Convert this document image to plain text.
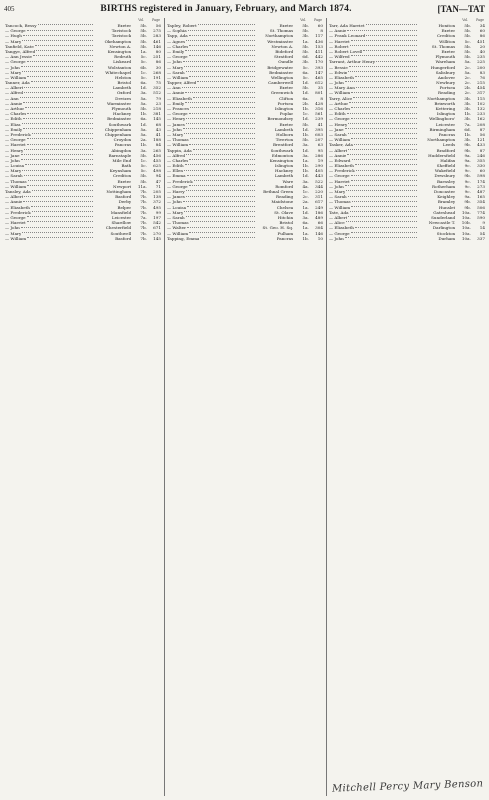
405	BIRTHS registered in January, February, and March 1874.	[TAN—TAT
Vol.	Page
Tancock, Bessy	Exeter	5b.	56
— George	Tavistock	5b.	275
— Hugh	Tavistock	5b.	283
— Mary	Okehampton	5b.	461
Tanfield, Kate	Newton A.	5b.	146
Tangye, Alfred	Kensington	1a.	80
— Ann Jessie	Redruth	5c.	251
— George	Liskeard	5c.	86
— John	Wolstanton	6b.	30
— Mary	Whitechapel	1c.	268
— William	Helston	5c.	191
Tanner, Ada	Bristol	6a.	75
— Albert	Lambeth	1d.	352
— Alfred	Oxford	3a.	512
— Ann	Devizes	5a.	79
— Annie	Warminster	5a.	23
— Arthur	Plymouth	5b.	218
— Charles	Hackney	1b.	381
— Edith	Bedminster	6a.	145
— Eliza	Southwark	1d.	68
— Emily	Chippenham	5a.	43
— Frederick	Chippenham	5a.	41
— George	Croydon	2a.	188
— Harriet	Pancras	1b.	84
— Henry	Abingdon	3a.	265
— Jane	Barnstaple	5b.	456
— John	Mile End	1c.	455
— Louisa	Bath	5c.	625
— Mary	Keynsham	5c.	498
— Sarah	Crediton	5b.	94
— Thomas	Exeter	5b.	47
— William	Newport	11a.	71
Tansley, Ada	Nottingham	7b.	205
— Albert	Basford	7b.	138
— Annie	Derby	7b.	372
— Elizabeth	Belper	7b.	495
— Frederick	Mansfield	7b.	99
— George	Leicester	7a.	197
— Harriet	Shardlow	7b.	542
— John	Chesterfield	7b.	671
— Mary	Southwell	7b.	270
— William	Basford	7b.	145
Vol.	Page
Tapley, Robert	Exeter	5b.	60
— Sophia	St. Thomas	5b.	8
Tapp, Ada	Northampton	3b.	117
— Agnes	Westminster	1a.	436
— Charles	Newton A.	5b.	153
— Emily	Bideford	5b.	411
— George	Stratford	6d.	442
— John	Oundle	3b.	170
— Mary	Bridgewater	5c.	393
— Sarah	Bedminster	6a.	147
— William	Wellington	5c.	465
Tapper, Alfred	Camberwell	1d.	612
— Ann	Exeter	5b.	35
— Annie	Greenwich	1d.	801
— Elizabeth	Clifton	6a.	8
— Emily	Portsea	2b.	428
— Frances	Islington	1b.	316
— George	Poplar	1c.	561
— Henry	Bermondsey	1d.	239
— James	Exeter	5b.	41
— John	Lambeth	1d.	395
— Mary	Holborn	1b.	603
— Thomas	Tiverton	5b.	207
— William	Brentford	3a.	63
Tappin, Ada	Southwark	1d.	95
— Alfred	Edmonton	3a.	286
— Charles	Kensington	1a.	19
— Edith	Islington	1b.	290
— Ellen	Hackney	1b.	405
— Emma	Lambeth	1d.	443
— Frederick	Ware	3a.	522
— George	Romford	4a.	344
— Harry	Bethnal Green	1c.	220
— James	Reading	2c.	311
— John	Maidstone	2a.	617
— Louisa	Chelsea	1a.	249
— Mary	St. Olave	1d.	186
— Sarah	Hitchin	3a.	489
— Thomas	Bristol	6a.	66
— Walter	St. Geo. H. Sq.	1a.	304
— William	Fulham	1a.	146
Tapping, Emma	Pancras	1b.	10
Vol.	Page
Tarr, Ada Harriet	Honiton	5b.	34
— Annie	Exeter	5b.	60
— Frank Leonard	Crediton	5b.	86
— Harriet	Williton	5c.	451
— Robert	St. Thomas	5b.	20
— Robert Lovell	Exeter	5b.	40
— Wilfred	Plymouth	5b.	235
Tarrant, Arthur Henry	Wareham	5a.	225
— Bessie	Hungerford	2c.	200
— Edwin	Salisbury	5a.	83
— Elizabeth	Andover	2c.	76
— John	Newbury	2c.	215
— Mary Ann	Portsea	2b.	454
— William	Reading	2c.	317
Tarry, Alice	Northampton	3b.	115
— Arthur	Brixworth	3b.	102
— Charles	Kettering	3b.	132
— Edith	Islington	1b.	233
— George	Wellingboro'	3b.	162
— Henry	Leicester	7a.	208
— Jane	Birmingham	6d.	87
— Sarah	Pancras	1b.	56
— William	Northampton	3b.	121
Tasker, Ada	Leeds	9b.	433
— Albert	Bradford	9b.	87
— Annie	Huddersfield	9a.	246
— Edward	Halifax	9a.	355
— Elizabeth	Sheffield	9c.	330
— Frederick	Wakefield	9c.	60
— George	Dewsbury	9b.	598
— Harriet	Barnsley	9c.	174
— John	Rotherham	9c.	273
— Mary	Doncaster	9c.	487
— Sarah	Keighley	9a.	165
— Thomas	Bramley	9b.	354
— William	Hunslet	9b.	506
Tate, Ada	Gateshead	10a.	774
— Albert	Sunderland	10a.	590
— Alice	Newcastle T.	10b.	9
— Elizabeth	Darlington	10a.	14
— George	Stockton	10a.	54
— John	Durham	10a.	337
Mitchell Percy Mary Benson
